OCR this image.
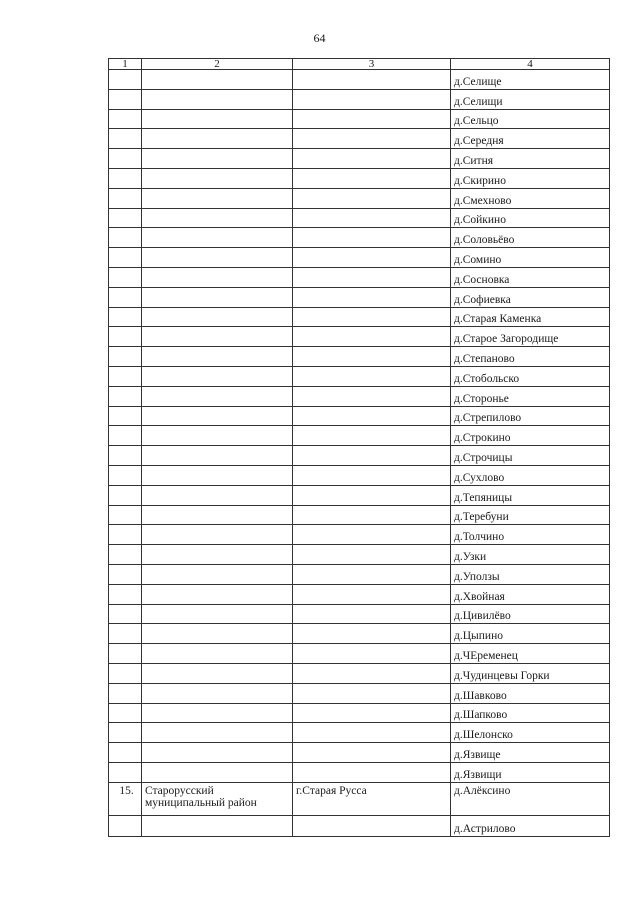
64
1	2	3	4
			д.Селище
			д.Селищи
			д.Сельцо
			д.Середня
			д.Ситня
			д.Скирино
			д.Смехново
			д.Сойкино
			д.Соловьёво
			д.Сомино
			д.Сосновка
			д.Софиевка
			д.Старая Каменка
			д.Старое Загородище
			д.Степаново
			д.Стобольско
			д.Сторонье
			д.Стрепилово
			д.Строкино
			д.Строчицы
			д.Сухлово
			д.Тепяницы
			д.Теребуни
			д.Толчино
			д.Узки
			д.Уползы
			д.Хвойная
			д.Цивилёво
			д.Цыпино
			д.ЧEременец
			д.Чудинцевы Горки
			д.Шавково
			д.Шапково
			д.Шелонско
			д.Язвище
			д.Язвищи
15.	Старорусский муниципальный район	г.Старая Русса	д.Алёксино
			д.Астрилово
